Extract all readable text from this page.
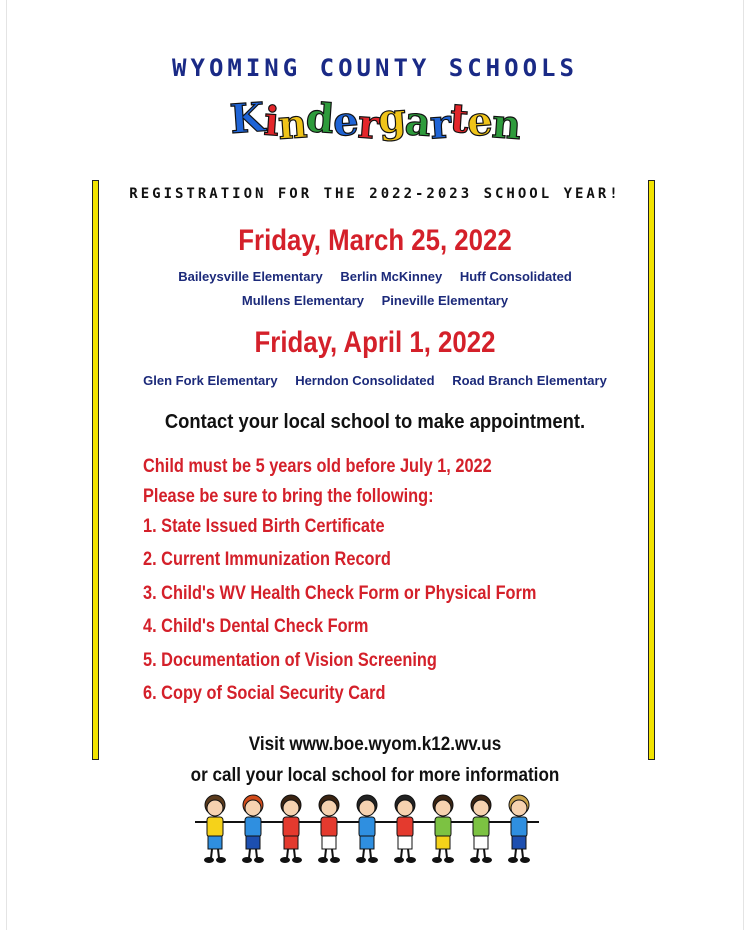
WYOMING COUNTY SCHOOLS
Kindergarten
REGISTRATION FOR THE 2022-2023 SCHOOL YEAR!
Friday, March 25, 2022
Baileysville Elementary Berlin McKinney Huff Consolidated
Mullens Elementary Pineville Elementary
Friday, April 1, 2022
Glen Fork Elementary Herndon Consolidated Road Branch Elementary
Contact your local school to make appointment.
Child must be 5 years old before July 1, 2022
Please be sure to bring the following:
1. State Issued Birth Certificate
2. Current Immunization Record
3. Child's WV Health Check Form or Physical Form
4. Child's Dental Check Form
5. Documentation of Vision Screening
6. Copy of Social Security Card
Visit www.boe.wyom.k12.wv.us
or call your local school for more information
